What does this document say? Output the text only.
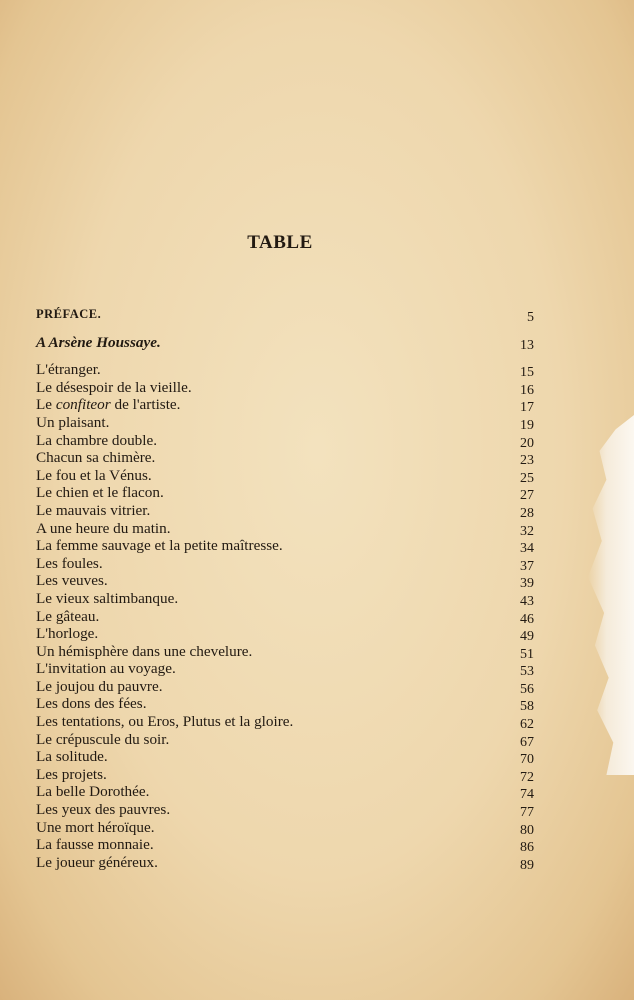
TABLE
PRÉFACE.	5
A Arsène Houssaye.	13
L'étranger.	15
Le désespoir de la vieille.	16
Le confiteor de l'artiste.	17
Un plaisant.	19
La chambre double.	20
Chacun sa chimère.	23
Le fou et la Vénus.	25
Le chien et le flacon.	27
Le mauvais vitrier.	28
A une heure du matin.	32
La femme sauvage et la petite maîtresse.	34
Les foules.	37
Les veuves.	39
Le vieux saltimbanque.	43
Le gâteau.	46
L'horloge.	49
Un hémisphère dans une chevelure.	51
L'invitation au voyage.	53
Le joujou du pauvre.	56
Les dons des fées.	58
Les tentations, ou Eros, Plutus et la gloire.	62
Le crépuscule du soir.	67
La solitude.	70
Les projets.	72
La belle Dorothée.	74
Les yeux des pauvres.	77
Une mort héroïque.	80
La fausse monnaie.	86
Le joueur généreux.	89
